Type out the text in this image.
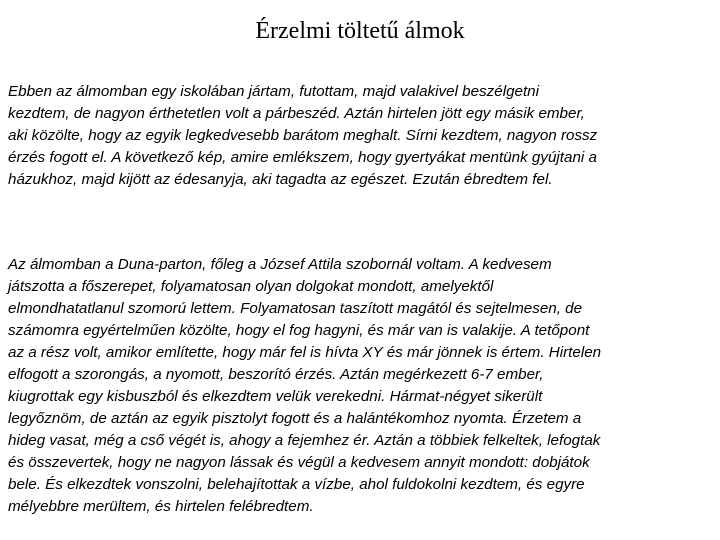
Érzelmi töltetű álmok

Ebben az álmomban egy iskolában jártam, futottam, majd valakivel beszélgetni
kezdtem, de nagyon érthetetlen volt a párbeszéd. Aztán hirtelen jött egy másik ember,
aki közölte, hogy az egyik legkedvesebb barátom meghalt. Sírni kezdtem, nagyon rossz
érzés fogott el. A következő kép, amire emlékszem, hogy gyertyákat mentünk gyújtani a
házukhoz, majd kijött az édesanyja, aki tagadta az egészet. Ezután ébredtem fel.

Az álmomban a Duna-parton, főleg a József Attila szobornál voltam. A kedvesem
játszotta a főszerepet, folyamatosan olyan dolgokat mondott, amelyektől
elmondhatatlanul szomorú lettem. Folyamatosan taszított magától és sejtelmesen, de
számomra egyértelműen közölte, hogy el fog hagyni, és már van is valakije. A tetőpont
az a rész volt, amikor említette, hogy már fel is hívta XY és már jönnek is értem. Hirtelen
elfogott a szorongás, a nyomott, beszorító érzés. Aztán megérkezett 6-7 ember,
kiugrottak egy kisbuszból és elkezdtem velük verekedni. Hármat-négyet sikerült
legyőznöm, de aztán az egyik pisztolyt fogott és a halántékomhoz nyomta. Érzetem a
hideg vasat, még a cső végét is, ahogy a fejemhez ér. Aztán a többiek felkeltek, lefogtak
és összevertek, hogy ne nagyon lássak és végül a kedvesem annyit mondott: dobjátok
bele. És elkezdtek vonszolni, belehajítottak a vízbe, ahol fuldokolni kezdtem, és egyre
mélyebbre merültem, és hirtelen felébredtem.
